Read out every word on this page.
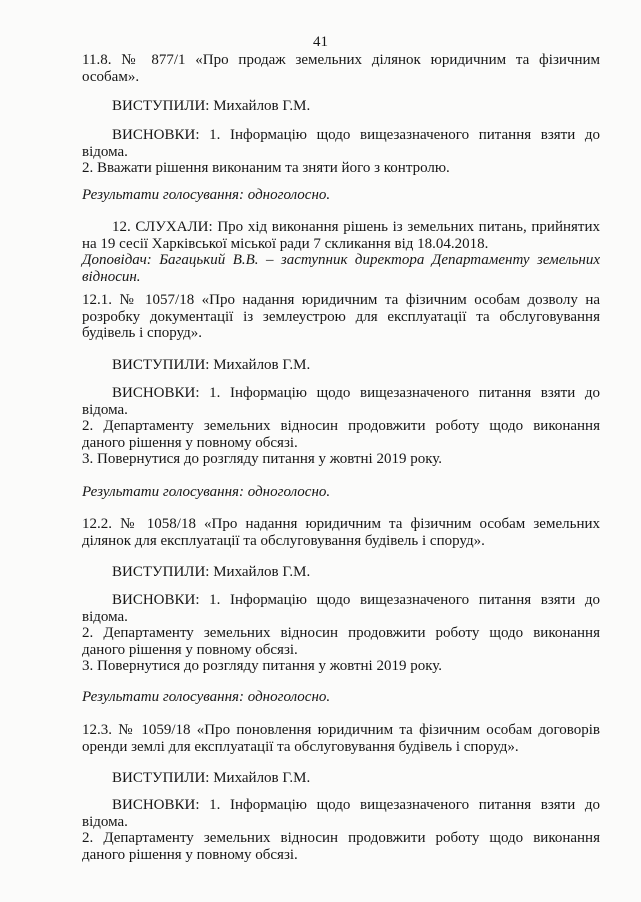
41
11.8. № 877/1 «Про продаж земельних ділянок юридичним та фізичним
особам».
ВИСТУПИЛИ: Михайлов Г.М.
ВИСНОВКИ: 1. Інформацію щодо вищезазначеного питання взяти до
відома.
2. Вважати рішення виконаним та зняти його з контролю.
Результати голосування: одноголосно.
12. СЛУХАЛИ: Про хід виконання рішень із земельних питань, прийнятих
на 19 сесії Харківської міської ради 7 скликання від 18.04.2018.
Доповідач: Багацький В.В. – заступник директора Департаменту земельних
відносин.
12.1. № 1057/18 «Про надання юридичним та фізичним особам дозволу на
розробку документації із землеустрою для експлуатації та обслуговування
будівель і споруд».
ВИСТУПИЛИ: Михайлов Г.М.
ВИСНОВКИ: 1. Інформацію щодо вищезазначеного питання взяти до
відома.
2. Департаменту земельних відносин продовжити роботу щодо виконання
даного рішення у повному обсязі.
3. Повернутися до розгляду питання у жовтні 2019 року.
Результати голосування: одноголосно.
12.2. № 1058/18 «Про надання юридичним та фізичним особам земельних
ділянок для експлуатації та обслуговування будівель і споруд».
ВИСТУПИЛИ: Михайлов Г.М.
ВИСНОВКИ: 1. Інформацію щодо вищезазначеного питання взяти до
відома.
2. Департаменту земельних відносин продовжити роботу щодо виконання
даного рішення у повному обсязі.
3. Повернутися до розгляду питання у жовтні 2019 року.
Результати голосування: одноголосно.
12.3. № 1059/18 «Про поновлення юридичним та фізичним особам договорів
оренди землі для експлуатації та обслуговування будівель і споруд».
ВИСТУПИЛИ: Михайлов Г.М.
ВИСНОВКИ: 1. Інформацію щодо вищезазначеного питання взяти до
відома.
2. Департаменту земельних відносин продовжити роботу щодо виконання
даного рішення у повному обсязі.
